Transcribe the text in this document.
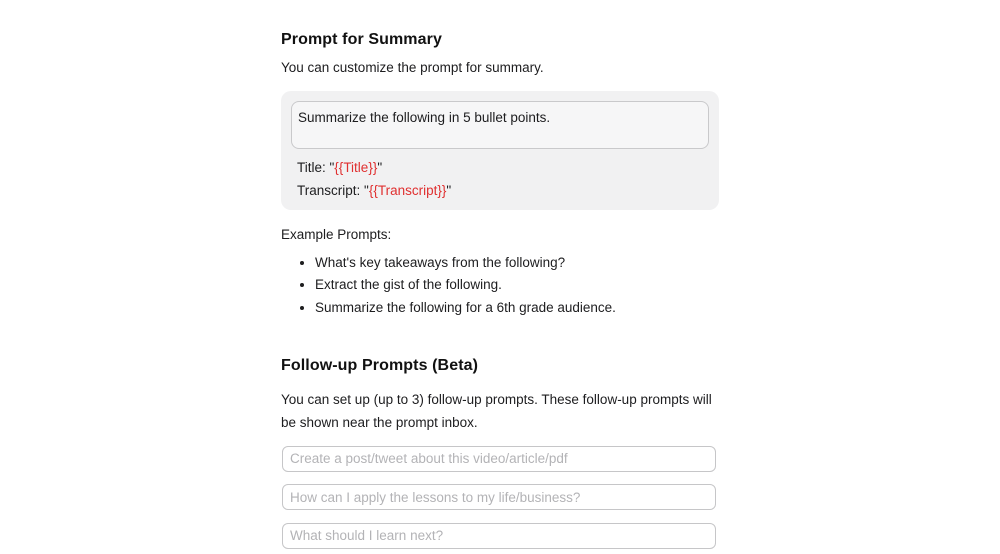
Prompt for Summary

You can customize the prompt for summary.

Summarize the following in 5 bullet points.
Title: "{{Title}}"
Transcript: "{{Transcript}}"

Example Prompts:

• What's key takeaways from the following?
• Extract the gist of the following.
• Summarize the following for a 6th grade audience.
Follow-up Prompts (Beta)

You can set up (up to 3) follow-up prompts. These follow-up prompts will be shown near the prompt inbox.

Create a post/tweet about this video/article/pdf
How can I apply the lessons to my life/business?
What should I learn next?
